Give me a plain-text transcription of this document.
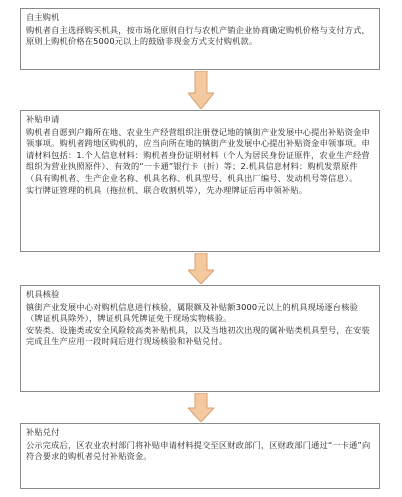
自主购机

购机者自主选择购买机具，按市场化原则自行与农机产销企业协商确定购机价格与支付方式，原则上购机价格在5000元以上的鼓励非现金方式支付购机款。

补贴申请

购机者自愿到户籍所在地、农业生产经营组织注册登记地的镇街产业发展中心提出补贴资金申领事项。购机者跨地区购机的，应当向所在地的镇街产业发展中心提出补贴资金申领事项。申请材料包括：1.个人信息材料：购机者身份证明材料（个人为居民身份证原件，农业生产经营组织为营业执照原件）、有效的“一卡通”银行卡（折）等；2.机具信息材料：购机发票原件（具有购机者、生产企业名称、机具名称、机具型号、机具出厂编号、发动机号等信息）。

实行牌证管理的机具（拖拉机、联合收割机等），先办理牌证后再申领补贴。

机具核验

镇街产业发展中心对购机信息进行核验，属限额及补贴额3000元以上的机具现场逐台核验（牌证机具除外），牌证机具凭牌证免于现场实物核验。

安装类、设施类或安全风险较高类补贴机具，以及当地初次出现的属补贴类机具型号，在安装完成且生产应用一段时间后进行现场核验和补贴兑付。

补贴兑付

公示完成后，区农业农村部门将补贴申请材料提交至区财政部门，区财政部门通过“一卡通”向符合要求的购机者兑付补贴资金。
